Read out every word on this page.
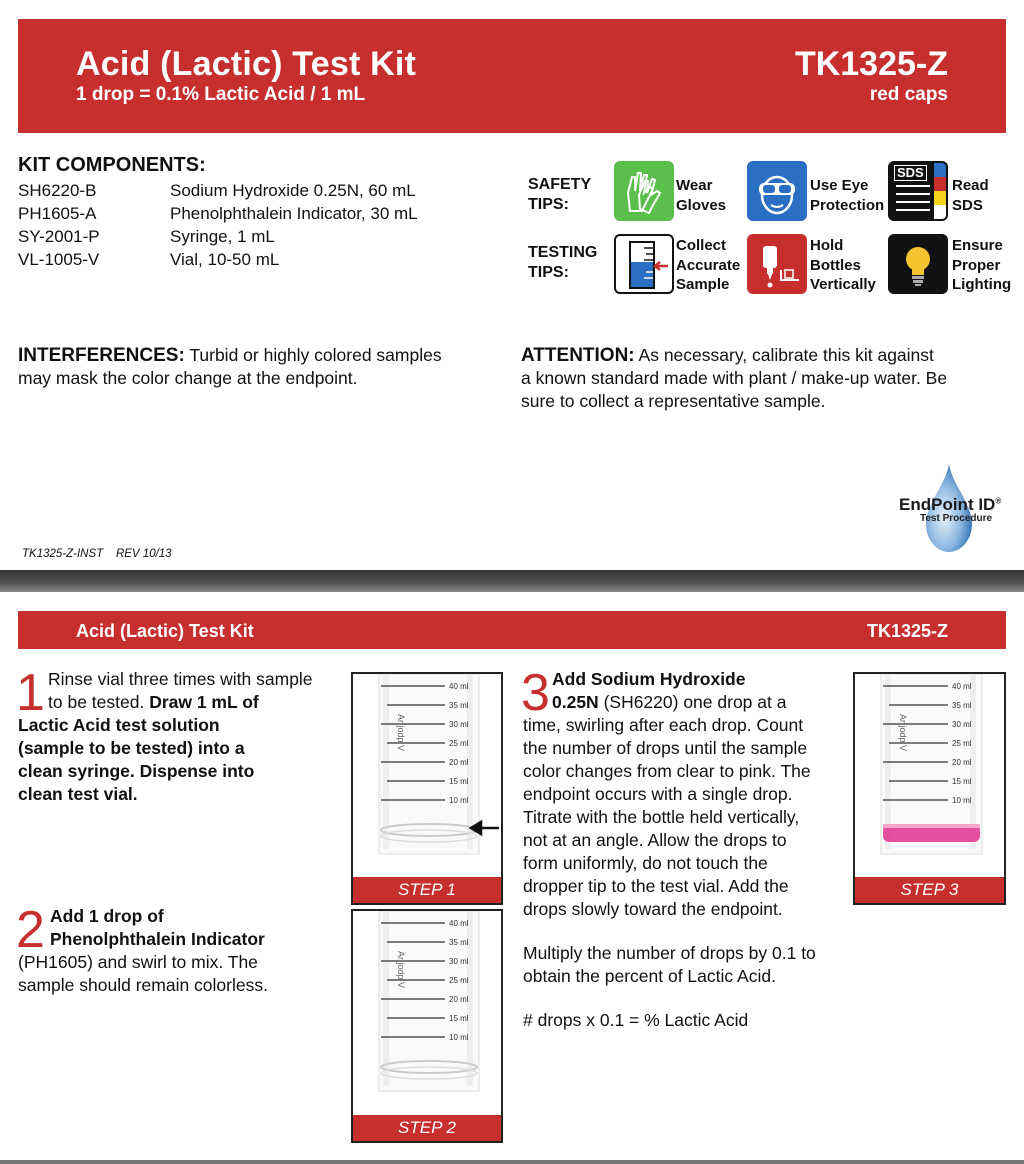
Acid (Lactic) Test Kit
1 drop = 0.1% Lactic Acid / 1 mL
TK1325-Z
red caps
KIT COMPONENTS:
SH6220-B	Sodium Hydroxide 0.25N, 60 mL
PH1605-A	Phenolphthalein Indicator, 30 mL
SY-2001-P	Syringe, 1 mL
VL-1005-V	Vial, 10-50 mL
SAFETY
TIPS:
Wear
Gloves
Use Eye
Protection
SDS
Read
SDS
TESTING
TIPS:
Collect
Accurate
Sample
Hold
Bottles
Vertically
Ensure
Proper
Lighting
INTERFERENCES: Turbid or highly colored samples
may mask the color change at the endpoint.
ATTENTION: As necessary, calibrate this kit against
a known standard made with plant / make-up water. Be
sure to collect a representative sample.
EndPoint ID®
Test Procedure
TK1325-Z-INST REV 10/13
Acid (Lactic) Test Kit	TK1325-Z
1 Rinse vial three times with sample
to be tested. Draw 1 mL of
Lactic Acid test solution
(sample to be tested) into a
clean syringe. Dispense into
clean test vial.
2 Add 1 drop of
Phenolphthalein Indicator
(PH1605) and swirl to mix. The
sample should remain colorless.
3 Add Sodium Hydroxide
0.25N (SH6220) one drop at a
time, swirling after each drop. Count
the number of drops until the sample
color changes from clear to pink. The
endpoint occurs with a single drop.
Titrate with the bottle held vertically,
not at an angle. Allow the drops to
form uniformly, do not touch the
dropper tip to the test vial. Add the
drops slowly toward the endpoint.
Multiply the number of drops by 0.1 to
obtain the percent of Lactic Acid.
# drops x 0.1 = % Lactic Acid
Ar jodp V
40 ml
35 ml
30 ml
25 ml
20 ml
15 ml
10 ml
STEP 1
Ar jodp V
40 ml
35 ml
30 ml
25 ml
20 ml
15 ml
10 ml
STEP 2
Ar jodp V
40 ml
35 ml
30 ml
25 ml
20 ml
15 ml
10 ml
STEP 3
